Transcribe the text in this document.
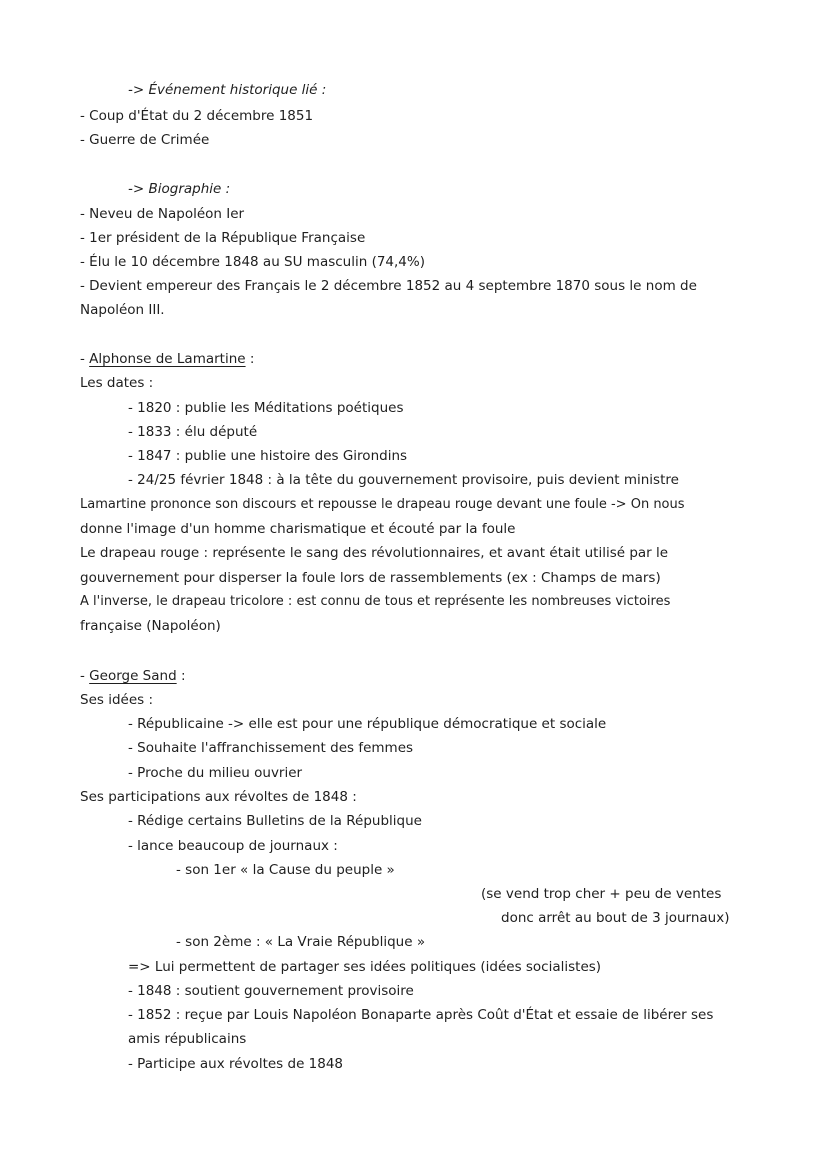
-> Événement historique lié :
- Coup d'État du 2 décembre 1851
- Guerre de Crimée
-> Biographie :
- Neveu de Napoléon Ier
- 1er président de la République Française
- Élu le 10 décembre 1848 au SU masculin (74,4%)
- Devient empereur des Français le 2 décembre 1852 au 4 septembre 1870 sous le nom de
Napoléon III.
- Alphonse de Lamartine :
Les dates :
- 1820 : publie les Méditations poétiques
- 1833 : élu député
- 1847 : publie une histoire des Girondins
- 24/25 février 1848 : à la tête du gouvernement provisoire, puis devient ministre
Lamartine prononce son discours et repousse le drapeau rouge devant une foule -> On nous
donne l'image d'un homme charismatique et écouté par la foule
Le drapeau rouge : représente le sang des révolutionnaires, et avant était utilisé par le
gouvernement pour disperser la foule lors de rassemblements (ex : Champs de mars)
A l'inverse, le drapeau tricolore : est connu de tous et représente les nombreuses victoires
française (Napoléon)
- George Sand :
Ses idées :
- Républicaine -> elle est pour une république démocratique et sociale
- Souhaite l'affranchissement des femmes
- Proche du milieu ouvrier
Ses participations aux révoltes de 1848 :
- Rédige certains Bulletins de la République
- lance beaucoup de journaux :
- son 1er « la Cause du peuple »
(se vend trop cher + peu de ventes
donc arrêt au bout de 3 journaux)
- son 2ème : « La Vraie République »
=> Lui permettent de partager ses idées politiques (idées socialistes)
- 1848 : soutient gouvernement provisoire
- 1852 : reçue par Louis Napoléon Bonaparte après Coût d'État et essaie de libérer ses
amis républicains
- Participe aux révoltes de 1848
